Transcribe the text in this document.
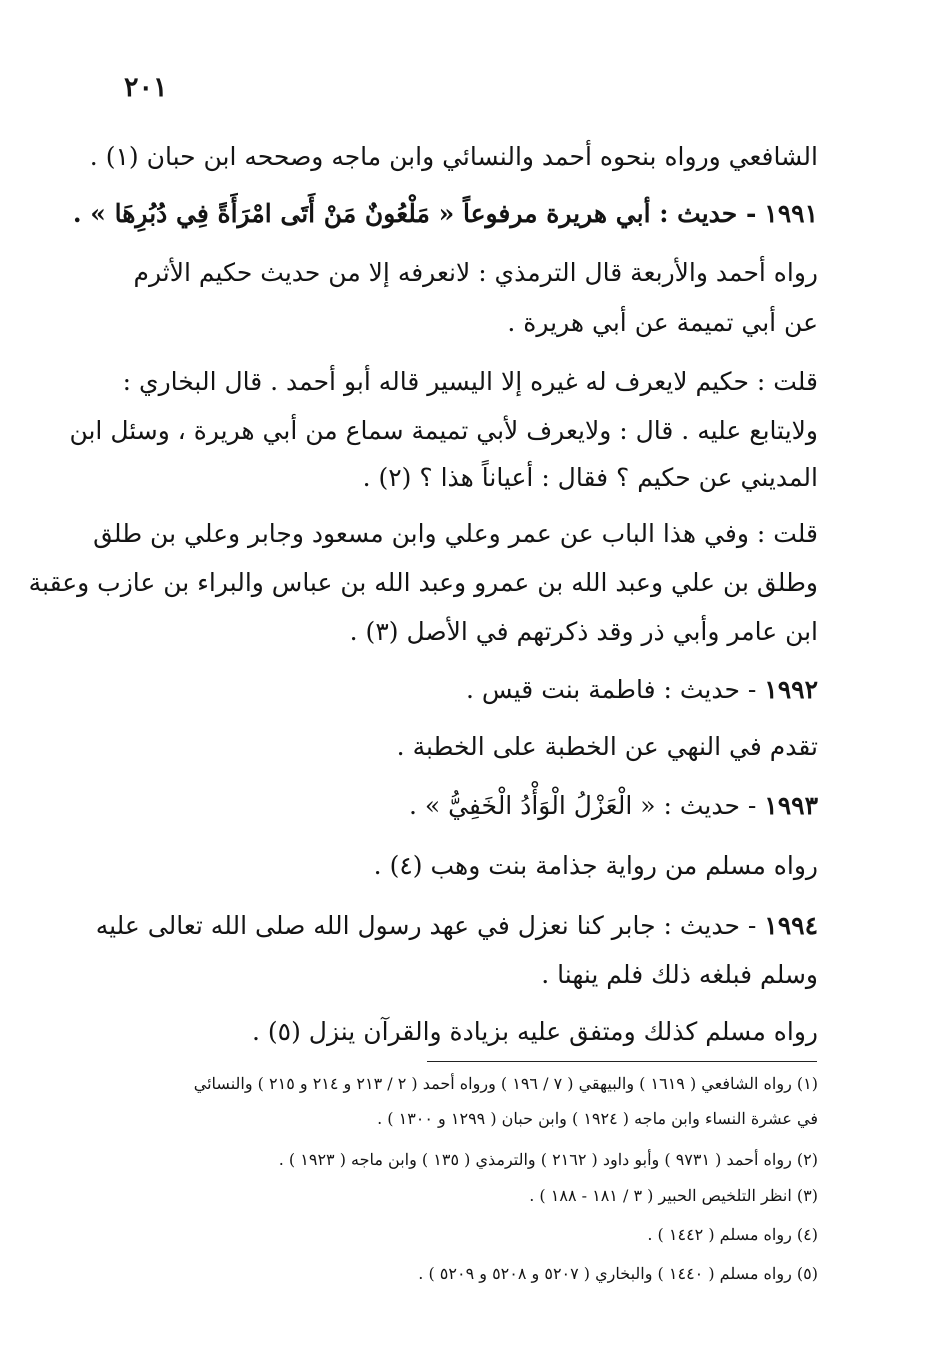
٢٠١
الشافعي ورواه بنحوه أحمد والنسائي وابن ماجه وصححه ابن حبان (١) .
١٩٩١ - حديث : أبي هريرة مرفوعاً « مَلْعُونٌ مَنْ أَتَى امْرَأَةً فِي دُبُرِهَا » .
رواه أحمد والأربعة قال الترمذي : لانعرفه إلا من حديث حكيم الأثرم
عن أبي تميمة عن أبي هريرة .
قلت : حكيم لايعرف له غيره إلا اليسير قاله أبو أحمد . قال البخاري :
ولايتابع عليه . قال : ولايعرف لأبي تميمة سماع من أبي هريرة ، وسئل ابن
المديني عن حكيم ؟ فقال : أعياناً هذا ؟ (٢) .
قلت : وفي هذا الباب عن عمر وعلي وابن مسعود وجابر وعلي بن طلق
وطلق بن علي وعبد الله بن عمرو وعبد الله بن عباس والبراء بن عازب وعقبة
ابن عامر وأبي ذر وقد ذكرتهم في الأصل (٣) .
١٩٩٢ - حديث : فاطمة بنت قيس .
تقدم في النهي عن الخطبة على الخطبة .
١٩٩٣ - حديث : « الْعَزْلُ الْوَأْدُ الْخَفِيُّ » .
رواه مسلم من رواية جذامة بنت وهب (٤) .
١٩٩٤ - حديث : جابر كنا نعزل في عهد رسول الله صلى الله تعالى عليه
وسلم فبلغه ذلك فلم ينهنا .
رواه مسلم كذلك ومتفق عليه بزيادة والقرآن ينزل (٥) .
(١) رواه الشافعي ( ١٦١٩ ) والبيهقي ( ٧ / ١٩٦ ) ورواه أحمد ( ٢ / ٢١٣ و ٢١٤ و ٢١٥ ) والنسائي
في عشرة النساء وابن ماجه ( ١٩٢٤ ) وابن حبان ( ١٢٩٩ و ١٣٠٠ ) .
(٢) رواه أحمد ( ٩٧٣١ ) وأبو داود ( ٢١٦٢ ) والترمذي ( ١٣٥ ) وابن ماجه ( ١٩٢٣ ) .
(٣) انظر التلخيص الحبير ( ٣ / ١٨١ - ١٨٨ ) .
(٤) رواه مسلم ( ١٤٤٢ ) .
(٥) رواه مسلم ( ١٤٤٠ ) والبخاري ( ٥٢٠٧ و ٥٢٠٨ و ٥٢٠٩ ) .
